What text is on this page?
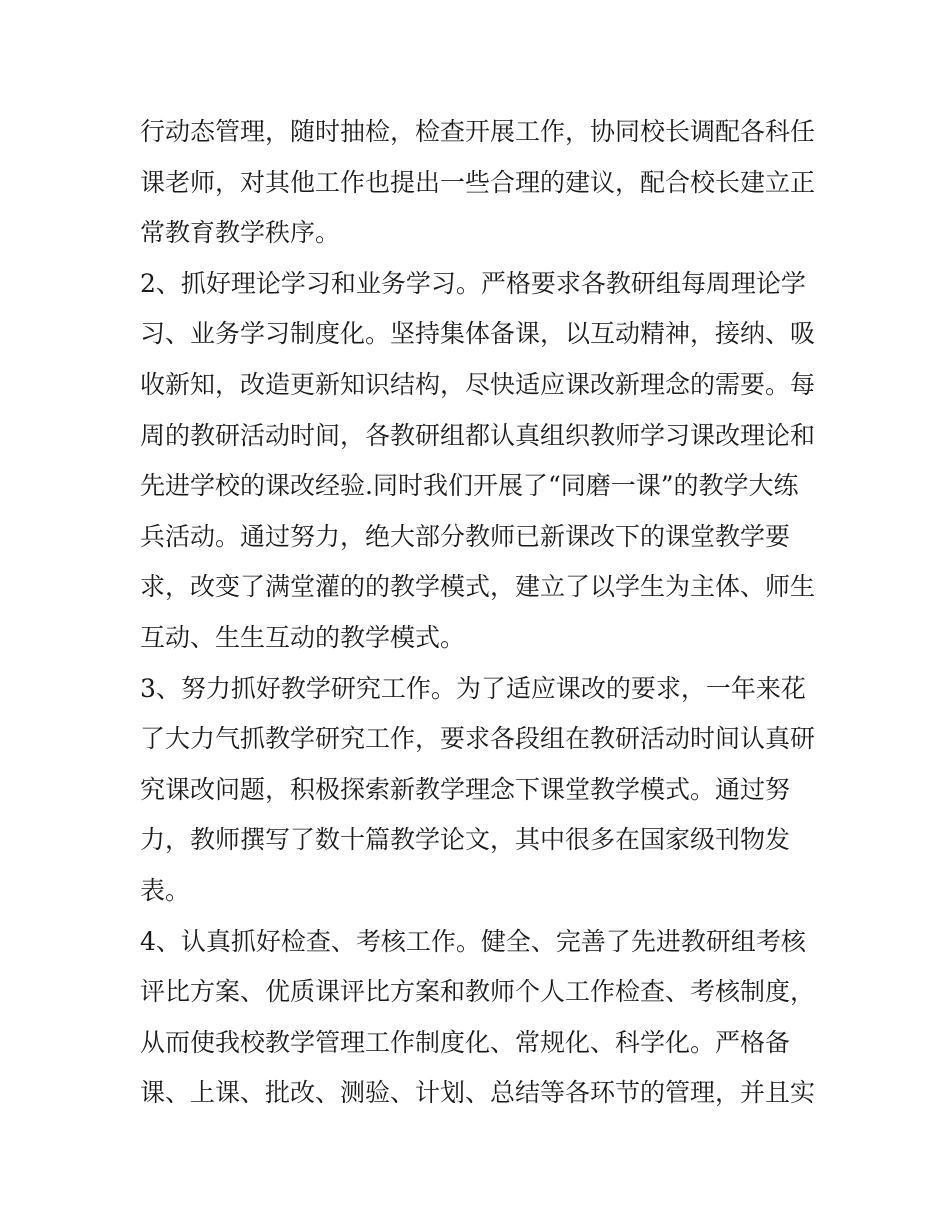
行动态管理，随时抽检，检查开展工作，协同校长调配各科任
课老师，对其他工作也提出一些合理的建议，配合校长建立正
常教育教学秩序。
2、抓好理论学习和业务学习。严格要求各教研组每周理论学
习、业务学习制度化。坚持集体备课，以互动精神，接纳、吸
收新知，改造更新知识结构，尽快适应课改新理念的需要。每
周的教研活动时间，各教研组都认真组织教师学习课改理论和
先进学校的课改经验.同时我们开展了“同磨一课”的教学大练
兵活动。通过努力，绝大部分教师已新课改下的课堂教学要
求，改变了满堂灌的的教学模式，建立了以学生为主体、师生
互动、生生互动的教学模式。
3、努力抓好教学研究工作。为了适应课改的要求，一年来花
了大力气抓教学研究工作，要求各段组在教研活动时间认真研
究课改问题，积极探索新教学理念下课堂教学模式。通过努
力，教师撰写了数十篇教学论文，其中很多在国家级刊物发
表。
4、认真抓好检查、考核工作。健全、完善了先进教研组考核
评比方案、优质课评比方案和教师个人工作检查、考核制度，
从而使我校教学管理工作制度化、常规化、科学化。严格备
课、上课、批改、测验、计划、总结等各环节的管理，并且实
